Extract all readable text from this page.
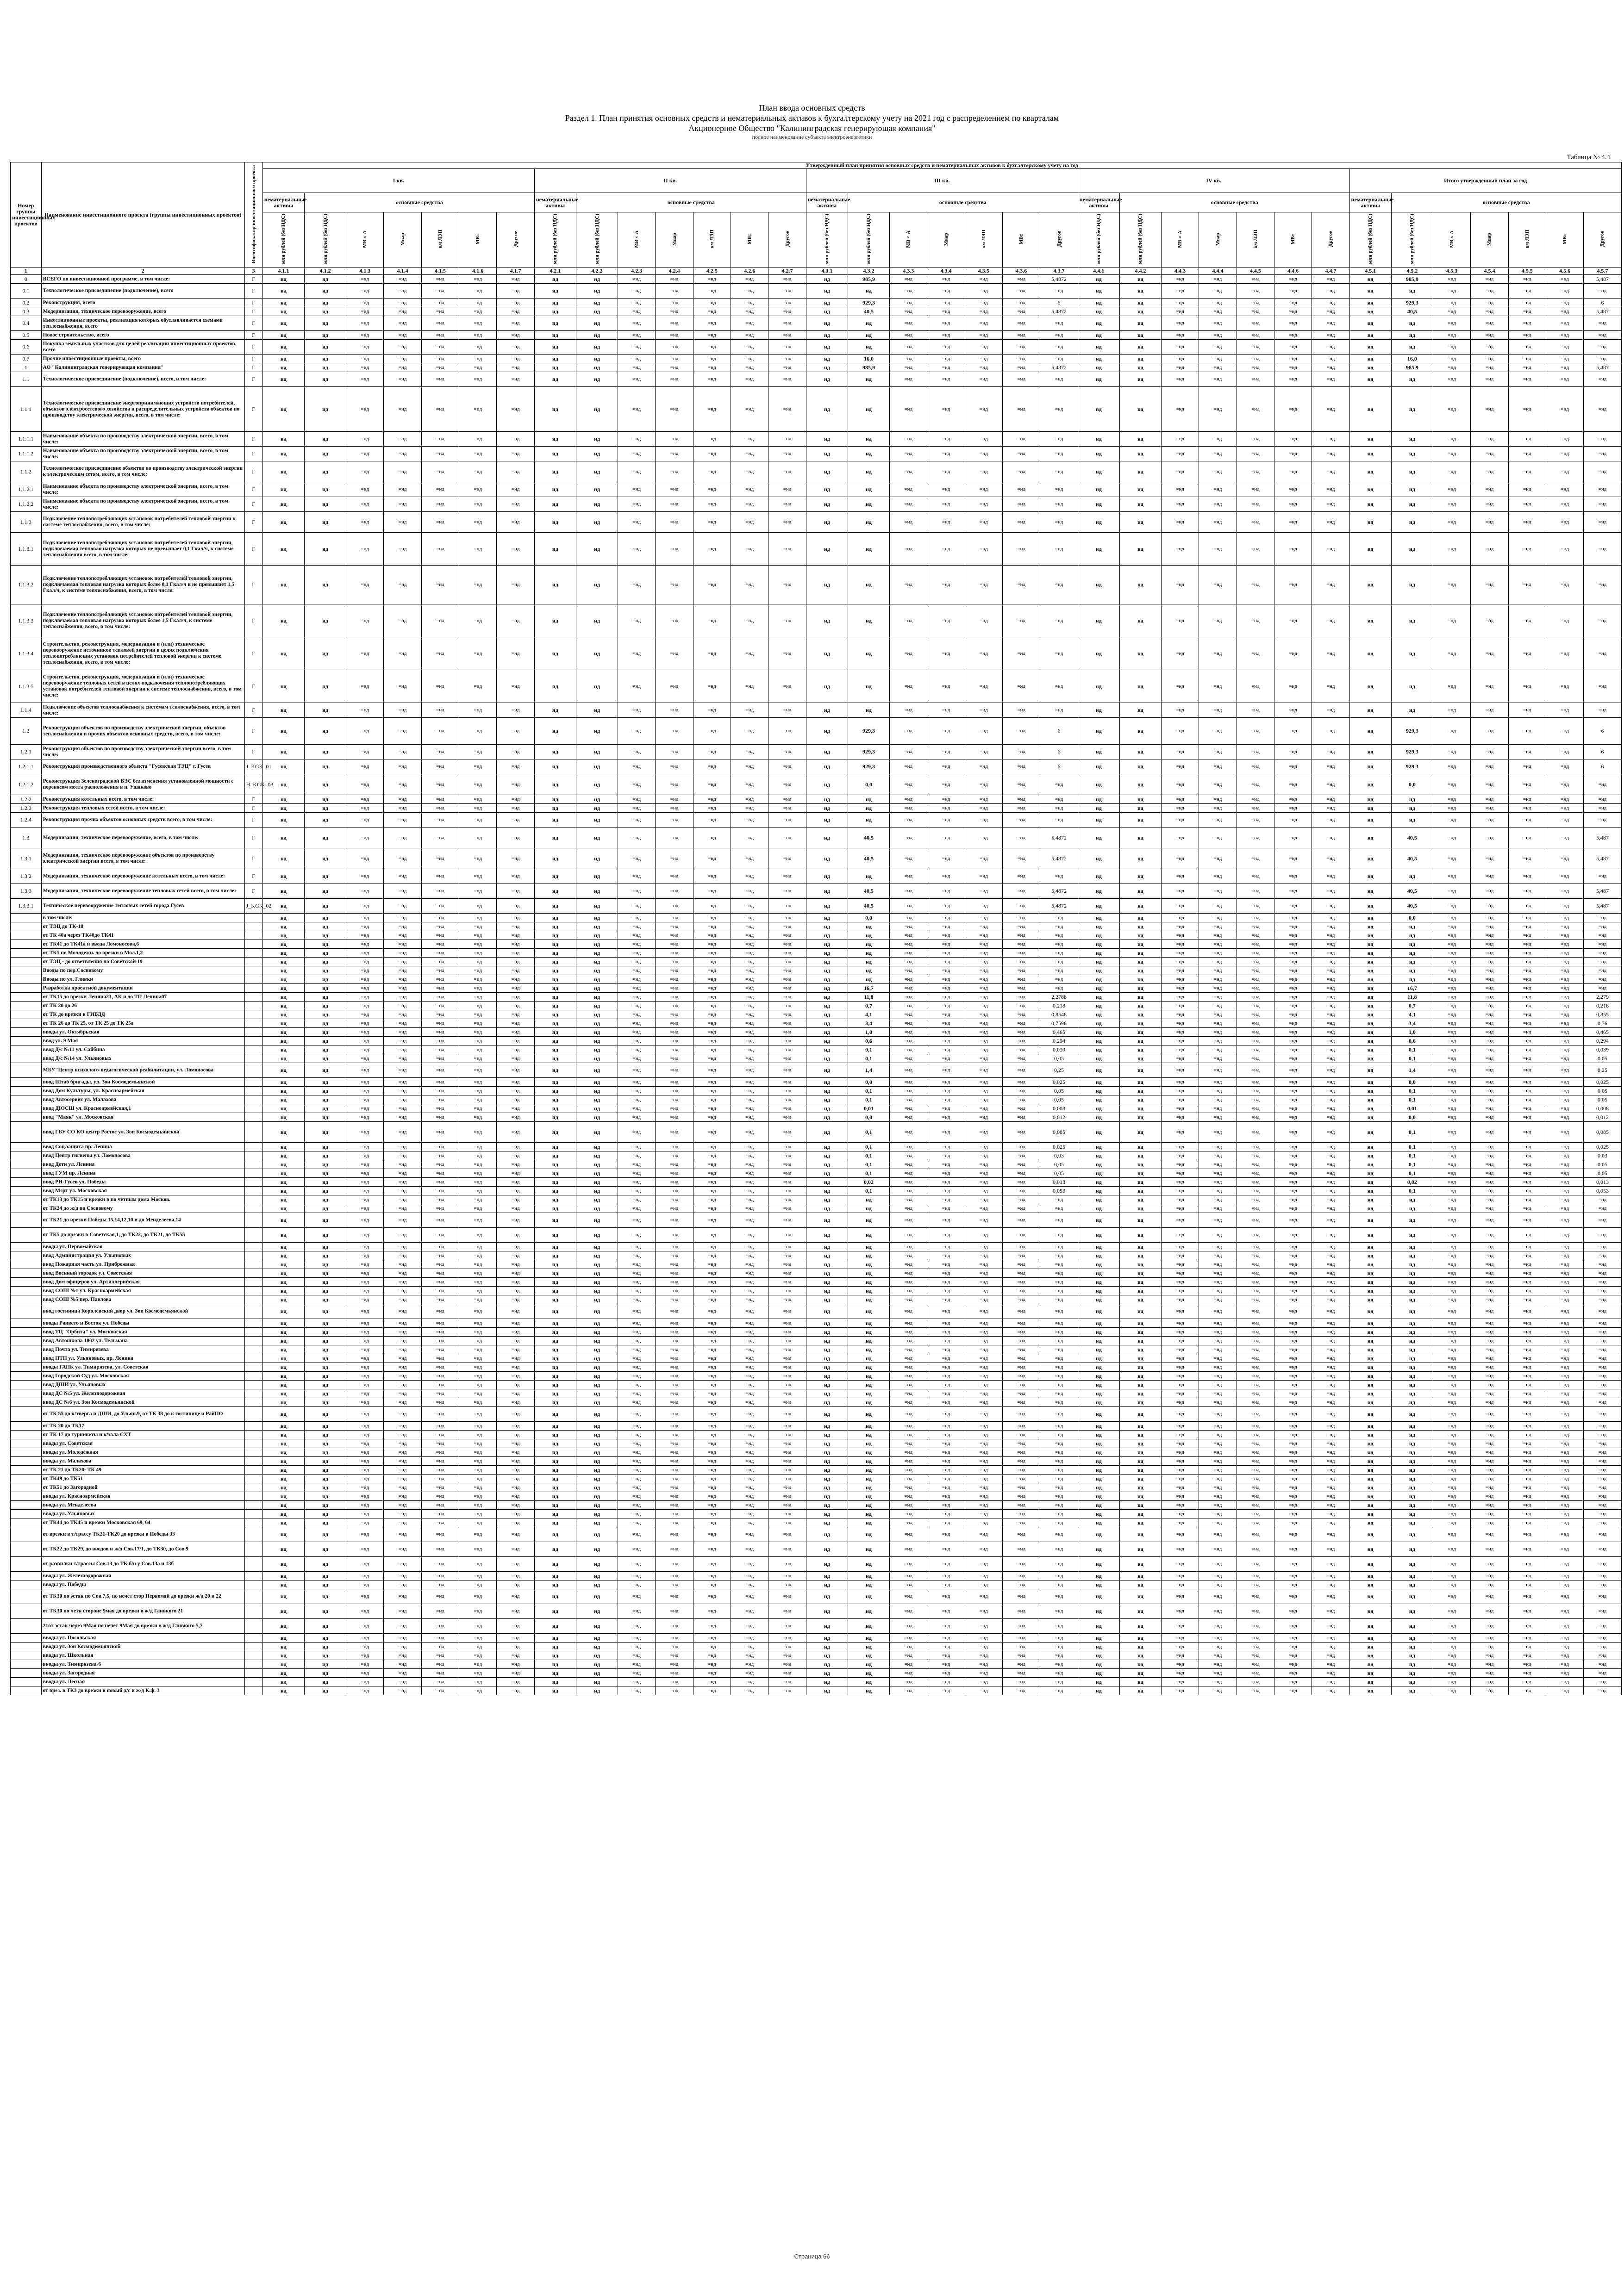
План ввода основных средств
Раздел 1. План принятия основных средств и нематериальных активов к бухгалтерскому учету на 2021 год с распределением по кварталам
Акционерное Общество "Калининградская генерирующая компания"
полное наименование субъекта электроэнергетики
Таблица № 4.4
Номер группы инвестиционных проектов	Наименование инвестиционного проекта (группы инвестиционных проектов)	Идентификатор инвестиционного проекта	Утвержденный план принятия основных средств и нематериальных активов к бухгалтерскому учету на год																																		
			I кв.							II кв.							III кв.							IV кв.							Итого утвержденный план за год						
			нематериальные активы	основные средства						нематериальные активы	основные средства						нематериальные активы	основные средства						нематериальные активы	основные средства						нематериальные активы	основные средства					
			млн рублей (без НДС)	млн рублей (без НДС)	МВ×А	Мвар	км ЛЭП	МВт	Другое	млн рублей (без НДС)	млн рублей (без НДС)	МВ×А	Мвар	км ЛЭП	МВт	Другое	млн рублей (без НДС)	млн рублей (без НДС)	МВ×А	Мвар	км ЛЭП	МВт	Другое	млн рублей (без НДС)	млн рублей (без НДС)	МВ×А	Мвар	км ЛЭП	МВт	Другое	млн рублей (без НДС)	млн рублей (без НДС)	МВ×А	Мвар	км ЛЭП	МВт	Другое
1	2	3	4.1.1	4.1.2	4.1.3	4.1.4	4.1.5	4.1.6	4.1.7	4.2.1	4.2.2	4.2.3	4.2.4	4.2.5	4.2.6	4.2.7	4.3.1	4.3.2	4.3.3	4.3.4	4.3.5	4.3.6	4.3.7	4.4.1	4.4.2	4.4.3	4.4.4	4.4.5	4.4.6	4.4.7	4.5.1	4.5.2	4.5.3	4.5.4	4.5.5	4.5.6	4.5.7
0	ВСЕГО по инвестиционной программе, в том числе:	Г	нд	нд	=нд	=нд	=нд	=нд	=нд	нд	нд	=нд	=нд	=нд	=нд	=нд	нд	985,9	=нд	=нд	=нд	=нд	5,4872	нд	нд	=нд	=нд	=нд	=нд	=нд	нд	985,9	=нд	=нд	=нд	=нд	5,487
0.1	Технологическое присоединение (подключение), всего	Г	нд	нд	=нд	=нд	=нд	=нд	=нд	нд	нд	=нд	=нд	=нд	=нд	=нд	нд	нд	=нд	=нд	=нд	=нд	=нд	нд	нд	=нд	=нд	=нд	=нд	=нд	нд	нд	=нд	=нд	=нд	=нд	=нд
0.2	Реконструкция, всего	Г	нд	нд	=нд	=нд	=нд	=нд	=нд	нд	нд	=нд	=нд	=нд	=нд	=нд	нд	929,3	=нд	=нд	=нд	=нд	6	нд	нд	=нд	=нд	=нд	=нд	=нд	нд	929,3	=нд	=нд	=нд	=нд	6
0.3	Модернизация, техническое перевооружение, всего	Г	нд	нд	=нд	=нд	=нд	=нд	=нд	нд	нд	=нд	=нд	=нд	=нд	=нд	нд	40,5	=нд	=нд	=нд	=нд	5,4872	нд	нд	=нд	=нд	=нд	=нд	=нд	нд	40,5	=нд	=нд	=нд	=нд	5,487
0.4	Инвестиционные проекты, реализация которых обуславливается схемами теплоснабжения, всего	Г	нд	нд	=нд	=нд	=нд	=нд	=нд	нд	нд	=нд	=нд	=нд	=нд	=нд	нд	нд	=нд	=нд	=нд	=нд	=нд	нд	нд	=нд	=нд	=нд	=нд	=нд	нд	нд	=нд	=нд	=нд	=нд	=нд
0.5	Новое строительство, всего	Г	нд	нд	=нд	=нд	=нд	=нд	=нд	нд	нд	=нд	=нд	=нд	=нд	=нд	нд	нд	=нд	=нд	=нд	=нд	=нд	нд	нд	=нд	=нд	=нд	=нд	=нд	нд	нд	=нд	=нд	=нд	=нд	=нд
0.6	Покупка земельных участков для целей реализации инвестиционных проектов, всего	Г	нд	нд	=нд	=нд	=нд	=нд	=нд	нд	нд	=нд	=нд	=нд	=нд	=нд	нд	нд	=нд	=нд	=нд	=нд	=нд	нд	нд	=нд	=нд	=нд	=нд	=нд	нд	нд	=нд	=нд	=нд	=нд	=нд
0.7	Прочие инвестиционные проекты, всего	Г	нд	нд	=нд	=нд	=нд	=нд	=нд	нд	нд	=нд	=нд	=нд	=нд	=нд	нд	16,0	=нд	=нд	=нд	=нд	=нд	нд	нд	=нд	=нд	=нд	=нд	=нд	нд	16,0	=нд	=нд	=нд	=нд	=нд
1	АО "Калининградская генерирующая компания"	Г	нд	нд	=нд	=нд	=нд	=нд	=нд	нд	нд	=нд	=нд	=нд	=нд	=нд	нд	985,9	=нд	=нд	=нд	=нд	5,4872	нд	нд	=нд	=нд	=нд	=нд	=нд	нд	985,9	=нд	=нд	=нд	=нд	5,487
1.1	Технологическое присоединение (подключение), всего, в том числе:	Г	нд	нд	=нд	=нд	=нд	=нд	=нд	нд	нд	=нд	=нд	=нд	=нд	=нд	нд	нд	=нд	=нд	=нд	=нд	=нд	нд	нд	=нд	=нд	=нд	=нд	=нд	нд	нд	=нд	=нд	=нд	=нд	=нд
1.1.1	Технологическое присоединение энергопринимающих устройств потребителей, объектов электросетевого хозяйства и распределительных устройств объектов по производству электрической энергии, всего, в том числе:	Г	нд	нд	=нд	=нд	=нд	=нд	=нд	нд	нд	=нд	=нд	=нд	=нд	=нд	нд	нд	=нд	=нд	=нд	=нд	=нд	нд	нд	=нд	=нд	=нд	=нд	=нд	нд	нд	=нд	=нд	=нд	=нд	=нд
1.1.1.1	Наименование объекта по производству электрической энергии, всего, в том числе:	Г	нд	нд	=нд	=нд	=нд	=нд	=нд	нд	нд	=нд	=нд	=нд	=нд	=нд	нд	нд	=нд	=нд	=нд	=нд	=нд	нд	нд	=нд	=нд	=нд	=нд	=нд	нд	нд	=нд	=нд	=нд	=нд	=нд
1.1.1.2	Наименование объекта по производству электрической энергии, всего, в том числе:	Г	нд	нд	=нд	=нд	=нд	=нд	=нд	нд	нд	=нд	=нд	=нд	=нд	=нд	нд	нд	=нд	=нд	=нд	=нд	=нд	нд	нд	=нд	=нд	=нд	=нд	=нд	нд	нд	=нд	=нд	=нд	=нд	=нд
1.1.2	Технологическое присоединение объектов по производству электрической энергии к электрическим сетям, всего, в том числе:	Г	нд	нд	=нд	=нд	=нд	=нд	=нд	нд	нд	=нд	=нд	=нд	=нд	=нд	нд	нд	=нд	=нд	=нд	=нд	=нд	нд	нд	=нд	=нд	=нд	=нд	=нд	нд	нд	=нд	=нд	=нд	=нд	=нд
1.1.2.1	Наименование объекта по производству электрической энергии, всего, в том числе:	Г	нд	нд	=нд	=нд	=нд	=нд	=нд	нд	нд	=нд	=нд	=нд	=нд	=нд	нд	нд	=нд	=нд	=нд	=нд	=нд	нд	нд	=нд	=нд	=нд	=нд	=нд	нд	нд	=нд	=нд	=нд	=нд	=нд
1.1.2.2	Наименование объекта по производству электрической энергии, всего, в том числе:	Г	нд	нд	=нд	=нд	=нд	=нд	=нд	нд	нд	=нд	=нд	=нд	=нд	=нд	нд	нд	=нд	=нд	=нд	=нд	=нд	нд	нд	=нд	=нд	=нд	=нд	=нд	нд	нд	=нд	=нд	=нд	=нд	=нд
1.1.3	Подключение теплопотребляющих установок потребителей тепловой энергии к системе теплоснабжения, всего, в том числе:	Г	нд	нд	=нд	=нд	=нд	=нд	=нд	нд	нд	=нд	=нд	=нд	=нд	=нд	нд	нд	=нд	=нд	=нд	=нд	=нд	нд	нд	=нд	=нд	=нд	=нд	=нд	нд	нд	=нд	=нд	=нд	=нд	=нд
1.1.3.1	Подключение теплопотребляющих установок потребителей тепловой энергии, подключаемая тепловая нагрузка которых не превышает 0,1 Гкал/ч, к системе теплоснабжения всего, в том числе:	Г	нд	нд	=нд	=нд	=нд	=нд	=нд	нд	нд	=нд	=нд	=нд	=нд	=нд	нд	нд	=нд	=нд	=нд	=нд	=нд	нд	нд	=нд	=нд	=нд	=нд	=нд	нд	нд	=нд	=нд	=нд	=нд	=нд
1.1.3.2	Подключение теплопотребляющих установок потребителей тепловой энергии, подключаемая тепловая нагрузка которых более 0,1 Гкал/ч и не превышает 1,5 Гкал/ч, к системе теплоснабжения, всего, в том числе:	Г	нд	нд	=нд	=нд	=нд	=нд	=нд	нд	нд	=нд	=нд	=нд	=нд	=нд	нд	нд	=нд	=нд	=нд	=нд	=нд	нд	нд	=нд	=нд	=нд	=нд	=нд	нд	нд	=нд	=нд	=нд	=нд	=нд
1.1.3.3	Подключение теплопотребляющих установок потребителей тепловой энергии, подключаемая тепловая нагрузка которых более 1,5 Гкал/ч, к системе теплоснабжения, всего, в том числе:	Г	нд	нд	=нд	=нд	=нд	=нд	=нд	нд	нд	=нд	=нд	=нд	=нд	=нд	нд	нд	=нд	=нд	=нд	=нд	=нд	нд	нд	=нд	=нд	=нд	=нд	=нд	нд	нд	=нд	=нд	=нд	=нд	=нд
1.1.3.4	Строительство, реконструкция, модернизация и (или) техническое перевооружение источников тепловой энергии в целях подключения теплопотребляющих установок потребителей тепловой энергии к системе теплоснабжения, всего, в том числе:	Г	нд	нд	=нд	=нд	=нд	=нд	=нд	нд	нд	=нд	=нд	=нд	=нд	=нд	нд	нд	=нд	=нд	=нд	=нд	=нд	нд	нд	=нд	=нд	=нд	=нд	=нд	нд	нд	=нд	=нд	=нд	=нд	=нд
1.1.3.5	Строительство, реконструкция, модернизация и (или) техническое перевооружение тепловых сетей в целях подключения теплопотребляющих установок потребителей тепловой энергии к системе теплоснабжения, всего, в том числе:	Г	нд	нд	=нд	=нд	=нд	=нд	=нд	нд	нд	=нд	=нд	=нд	=нд	=нд	нд	нд	=нд	=нд	=нд	=нд	=нд	нд	нд	=нд	=нд	=нд	=нд	=нд	нд	нд	=нд	=нд	=нд	=нд	=нд
1.1.4	Подключение объектов теплоснабжения к системам теплоснабжения, всего, в том числе:	Г	нд	нд	=нд	=нд	=нд	=нд	=нд	нд	нд	=нд	=нд	=нд	=нд	=нд	нд	нд	=нд	=нд	=нд	=нд	=нд	нд	нд	=нд	=нд	=нд	=нд	=нд	нд	нд	=нд	=нд	=нд	=нд	=нд
1.2	Реконструкция объектов по производству электрической энергии, объектов теплоснабжения и прочих объектов основных средств, всего, в том числе:	Г	нд	нд	=нд	=нд	=нд	=нд	=нд	нд	нд	=нд	=нд	=нд	=нд	=нд	нд	929,3	=нд	=нд	=нд	=нд	6	нд	нд	=нд	=нд	=нд	=нд	=нд	нд	929,3	=нд	=нд	=нд	=нд	6
1.2.1	Реконструкция объектов по производству электрической энергии всего, в том числе:	Г	нд	нд	=нд	=нд	=нд	=нд	=нд	нд	нд	=нд	=нд	=нд	=нд	=нд	нд	929,3	=нд	=нд	=нд	=нд	6	нд	нд	=нд	=нд	=нд	=нд	=нд	нд	929,3	=нд	=нд	=нд	=нд	6
1.2.1.1	Реконструкция производственного объекта "Гусевская ТЭЦ" г. Гусев	J_KGK_01	нд	нд	=нд	=нд	=нд	=нд	=нд	нд	нд	=нд	=нд	=нд	=нд	=нд	нд	929,3	=нд	=нд	=нд	=нд	6	нд	нд	=нд	=нд	=нд	=нд	=нд	нд	929,3	=нд	=нд	=нд	=нд	6
1.2.1.2	Реконструкция Зеленоградской ВЭС без изменения установленной мощности с переносом места расположения в п. Ушаково	H_KGK_03	нд	нд	=нд	=нд	=нд	=нд	=нд	нд	нд	=нд	=нд	=нд	=нд	=нд	нд	0,0	=нд	=нд	=нд	=нд	=нд	нд	нд	=нд	=нд	=нд	=нд	=нд	нд	0,0	=нд	=нд	=нд	=нд	=нд
1.2.2	Реконструкция котельных всего, в том числе:	Г	нд	нд	=нд	=нд	=нд	=нд	=нд	нд	нд	=нд	=нд	=нд	=нд	=нд	нд	нд	=нд	=нд	=нд	=нд	=нд	нд	нд	=нд	=нд	=нд	=нд	=нд	нд	нд	=нд	=нд	=нд	=нд	=нд
1.2.3	Реконструкция тепловых сетей всего, в том числе:	Г	нд	нд	=нд	=нд	=нд	=нд	=нд	нд	нд	=нд	=нд	=нд	=нд	=нд	нд	нд	=нд	=нд	=нд	=нд	=нд	нд	нд	=нд	=нд	=нд	=нд	=нд	нд	нд	=нд	=нд	=нд	=нд	=нд
1.2.4	Реконструкция прочих объектов основных средств всего, в том числе:	Г	нд	нд	=нд	=нд	=нд	=нд	=нд	нд	нд	=нд	=нд	=нд	=нд	=нд	нд	нд	=нд	=нд	=нд	=нд	=нд	нд	нд	=нд	=нд	=нд	=нд	=нд	нд	нд	=нд	=нд	=нд	=нд	=нд
1.3	Модернизация, техническое перевооружение, всего, в том числе:	Г	нд	нд	=нд	=нд	=нд	=нд	=нд	нд	нд	=нд	=нд	=нд	=нд	=нд	нд	40,5	=нд	=нд	=нд	=нд	5,4872	нд	нд	=нд	=нд	=нд	=нд	=нд	нд	40,5	=нд	=нд	=нд	=нд	5,487
1.3.1	Модернизация, техническое перевооружение объектов по производству электрической энергии всего, в том числе:	Г	нд	нд	=нд	=нд	=нд	=нд	=нд	нд	нд	=нд	=нд	=нд	=нд	=нд	нд	40,5	=нд	=нд	=нд	=нд	5,4872	нд	нд	=нд	=нд	=нд	=нд	=нд	нд	40,5	=нд	=нд	=нд	=нд	5,487
1.3.2	Модернизация, техническое перевооружение котельных всего, в том числе:	Г	нд	нд	=нд	=нд	=нд	=нд	=нд	нд	нд	=нд	=нд	=нд	=нд	=нд	нд	нд	=нд	=нд	=нд	=нд	=нд	нд	нд	=нд	=нд	=нд	=нд	=нд	нд	нд	=нд	=нд	=нд	=нд	=нд
1.3.3	Модернизация, техническое перевооружение тепловых сетей всего, в том числе:	Г	нд	нд	=нд	=нд	=нд	=нд	=нд	нд	нд	=нд	=нд	=нд	=нд	=нд	нд	40,5	=нд	=нд	=нд	=нд	5,4872	нд	нд	=нд	=нд	=нд	=нд	=нд	нд	40,5	=нд	=нд	=нд	=нд	5,487
1.3.3.1	Техническое перевооружение тепловых сетей города Гусев	J_KGK_02	нд	нд	=нд	=нд	=нд	=нд	=нд	нд	нд	=нд	=нд	=нд	=нд	=нд	нд	40,5	=нд	=нд	=нд	=нд	5,4872	нд	нд	=нд	=нд	=нд	=нд	=нд	нд	40,5	=нд	=нд	=нд	=нд	5,487
	в том числе:		нд	нд	=нд	=нд	=нд	=нд	=нд	нд	нд	=нд	=нд	=нд	=нд	=нд	нд	0,0	=нд	=нд	=нд	=нд	=нд	нд	нд	=нд	=нд	=нд	=нд	=нд	нд	0,0	=нд	=нд	=нд	=нд	=нд
	от ТЭЦ до ТК-18		нд	нд	=нд	=нд	=нд	=нд	=нд	нд	нд	=нд	=нд	=нд	=нд	=нд	нд	нд	=нд	=нд	=нд	=нд	=нд	нд	нд	=нд	=нд	=нд	=нд	=нд	нд	нд	=нд	=нд	=нд	=нд	=нд
	от ТК 40а через ТК40до ТК41		нд	нд	=нд	=нд	=нд	=нд	=нд	нд	нд	=нд	=нд	=нд	=нд	=нд	нд	нд	=нд	=нд	=нд	=нд	=нд	нд	нд	=нд	=нд	=нд	=нд	=нд	нд	нд	=нд	=нд	=нд	=нд	=нд
	от ТК41 до ТК41а и ввода Ломоносова,6		нд	нд	=нд	=нд	=нд	=нд	=нд	нд	нд	=нд	=нд	=нд	=нд	=нд	нд	нд	=нд	=нд	=нд	=нд	=нд	нд	нд	=нд	=нд	=нд	=нд	=нд	нд	нд	=нд	=нд	=нд	=нд	=нд
	от ТК5 по Молодежн. до врезки в Мол.1,2		нд	нд	=нд	=нд	=нд	=нд	=нд	нд	нд	=нд	=нд	=нд	=нд	=нд	нд	нд	=нд	=нд	=нд	=нд	=нд	нд	нд	=нд	=нд	=нд	=нд	=нд	нд	нд	=нд	=нд	=нд	=нд	=нд
	от ТЭЦ - до ответвления по Советской 19		нд	нд	=нд	=нд	=нд	=нд	=нд	нд	нд	=нд	=нд	=нд	=нд	=нд	нд	нд	=нд	=нд	=нд	=нд	=нд	нд	нд	=нд	=нд	=нд	=нд	=нд	нд	нд	=нд	=нд	=нд	=нд	=нд
	Вводы по пер.Сосновому		нд	нд	=нд	=нд	=нд	=нд	=нд	нд	нд	=нд	=нд	=нд	=нд	=нд	нд	нд	=нд	=нд	=нд	=нд	=нд	нд	нд	=нд	=нд	=нд	=нд	=нд	нд	нд	=нд	=нд	=нд	=нд	=нд
	Вводы по ул. Гливки		нд	нд	=нд	=нд	=нд	=нд	=нд	нд	нд	=нд	=нд	=нд	=нд	=нд	нд	нд	=нд	=нд	=нд	=нд	=нд	нд	нд	=нд	=нд	=нд	=нд	=нд	нд	нд	=нд	=нд	=нд	=нд	=нд
	Разработка проектной документации		нд	нд	=нд	=нд	=нд	=нд	=нд	нд	нд	=нд	=нд	=нд	=нд	=нд	нд	16,7	=нд	=нд	=нд	=нд	=нд	нд	нд	=нд	=нд	=нд	=нд	=нд	нд	16,7	=нд	=нд	=нд	=нд	=нд
	от ТК15 до врезки Ленина23, АК и до ТП Ленина07		нд	нд	=нд	=нд	=нд	=нд	=нд	нд	нд	=нд	=нд	=нд	=нд	=нд	нд	11,8	=нд	=нд	=нд	=нд	2,2788	нд	нд	=нд	=нд	=нд	=нд	=нд	нд	11,8	=нд	=нд	=нд	=нд	2,279
	от ТК 20 до 26		нд	нд	=нд	=нд	=нд	=нд	=нд	нд	нд	=нд	=нд	=нд	=нд	=нд	нд	0,7	=нд	=нд	=нд	=нд	0,218	нд	нд	=нд	=нд	=нд	=нд	=нд	нд	0,7	=нд	=нд	=нд	=нд	0,218
	от ТК до врезки в ГИБДД		нд	нд	=нд	=нд	=нд	=нд	=нд	нд	нд	=нд	=нд	=нд	=нд	=нд	нд	4,1	=нд	=нд	=нд	=нд	0,8548	нд	нд	=нд	=нд	=нд	=нд	=нд	нд	4,1	=нд	=нд	=нд	=нд	0,855
	от ТК 26 до ТК 25, от ТК 25 до ТК 25а		нд	нд	=нд	=нд	=нд	=нд	=нд	нд	нд	=нд	=нд	=нд	=нд	=нд	нд	3,4	=нд	=нд	=нд	=нд	0,7596	нд	нд	=нд	=нд	=нд	=нд	=нд	нд	3,4	=нд	=нд	=нд	=нд	0,76
	вводы ул. Октябрьская		нд	нд	=нд	=нд	=нд	=нд	=нд	нд	нд	=нд	=нд	=нд	=нд	=нд	нд	1,0	=нд	=нд	=нд	=нд	0,465	нд	нд	=нд	=нд	=нд	=нд	=нд	нд	1,0	=нд	=нд	=нд	=нд	0,465
	ввод ул. 9 Мая		нд	нд	=нд	=нд	=нд	=нд	=нд	нд	нд	=нд	=нд	=нд	=нд	=нд	нд	0,6	=нд	=нд	=нд	=нд	0,294	нд	нд	=нд	=нд	=нд	=нд	=нд	нд	0,6	=нд	=нд	=нд	=нд	0,294
	ввод Д/с №11 ул. Сайбина		нд	нд	=нд	=нд	=нд	=нд	=нд	нд	нд	=нд	=нд	=нд	=нд	=нд	нд	0,1	=нд	=нд	=нд	=нд	0,039	нд	нд	=нд	=нд	=нд	=нд	=нд	нд	0,1	=нд	=нд	=нд	=нд	0,039
	ввод Д/с №14 ул. Ульяновых		нд	нд	=нд	=нд	=нд	=нд	=нд	нд	нд	=нд	=нд	=нд	=нд	=нд	нд	0,1	=нд	=нд	=нд	=нд	0,05	нд	нд	=нд	=нд	=нд	=нд	=нд	нд	0,1	=нд	=нд	=нд	=нд	0,05
	МБУ"Центр психолого-педагогической реабилитации, ул. Ломоносова		нд	нд	=нд	=нд	=нд	=нд	=нд	нд	нд	=нд	=нд	=нд	=нд	=нд	нд	1,4	=нд	=нд	=нд	=нд	0,25	нд	нд	=нд	=нд	=нд	=нд	=нд	нд	1,4	=нд	=нд	=нд	=нд	0,25
	ввод Штаб бригады, ул. Зои Космодемьянской		нд	нд	=нд	=нд	=нд	=нд	=нд	нд	нд	=нд	=нд	=нд	=нд	=нд	нд	0,0	=нд	=нд	=нд	=нд	0,025	нд	нд	=нд	=нд	=нд	=нд	=нд	нд	0,0	=нд	=нд	=нд	=нд	0,025
	ввод Дом Культуры, ул. Красноармейская		нд	нд	=нд	=нд	=нд	=нд	=нд	нд	нд	=нд	=нд	=нд	=нд	=нд	нд	0,1	=нд	=нд	=нд	=нд	0,05	нд	нд	=нд	=нд	=нд	=нд	=нд	нд	0,1	=нд	=нд	=нд	=нд	0,05
	ввод Автосервис ул. Малахова		нд	нд	=нд	=нд	=нд	=нд	=нд	нд	нд	=нд	=нд	=нд	=нд	=нд	нд	0,1	=нд	=нд	=нд	=нд	0,05	нд	нд	=нд	=нд	=нд	=нд	=нд	нд	0,1	=нд	=нд	=нд	=нд	0,05
	ввод ДЮСШ ул. Красноармейская,1		нд	нд	=нд	=нд	=нд	=нд	=нд	нд	нд	=нд	=нд	=нд	=нд	=нд	нд	0,01	=нд	=нд	=нд	=нд	0,008	нд	нд	=нд	=нд	=нд	=нд	=нд	нд	0,01	=нд	=нд	=нд	=нд	0,008
	ввод "Маяк" ул. Московская		нд	нд	=нд	=нд	=нд	=нд	=нд	нд	нд	=нд	=нд	=нд	=нд	=нд	нд	0,0	=нд	=нд	=нд	=нд	0,012	нд	нд	=нд	=нд	=нд	=нд	=нд	нд	0,0	=нд	=нд	=нд	=нд	0,012
	ввод ГБУ СО КО центр Ростос ул. Зои Космодемьянской		нд	нд	=нд	=нд	=нд	=нд	=нд	нд	нд	=нд	=нд	=нд	=нд	=нд	нд	0,1	=нд	=нд	=нд	=нд	0,085	нд	нд	=нд	=нд	=нд	=нд	=нд	нд	0,1	=нд	=нд	=нд	=нд	0,085
	ввод Соц.защита пр. Ленина		нд	нд	=нд	=нд	=нд	=нд	=нд	нд	нд	=нд	=нд	=нд	=нд	=нд	нд	0,1	=нд	=нд	=нд	=нд	0,025	нд	нд	=нд	=нд	=нд	=нд	=нд	нд	0,1	=нд	=нд	=нд	=нд	0,025
	ввод Центр гигиены ул. Ломоносова		нд	нд	=нд	=нд	=нд	=нд	=нд	нд	нд	=нд	=нд	=нд	=нд	=нд	нд	0,1	=нд	=нд	=нд	=нд	0,03	нд	нд	=нд	=нд	=нд	=нд	=нд	нд	0,1	=нд	=нд	=нд	=нд	0,03
	ввод Дети ул. Ленина		нд	нд	=нд	=нд	=нд	=нд	=нд	нд	нд	=нд	=нд	=нд	=нд	=нд	нд	0,1	=нд	=нд	=нд	=нд	0,05	нд	нд	=нд	=нд	=нд	=нд	=нд	нд	0,1	=нд	=нд	=нд	=нд	0,05
	ввод ГУМ пр. Ленина		нд	нд	=нд	=нд	=нд	=нд	=нд	нд	нд	=нд	=нд	=нд	=нд	=нд	нд	0,1	=нд	=нд	=нд	=нд	0,05	нд	нд	=нд	=нд	=нд	=нд	=нд	нд	0,1	=нд	=нд	=нд	=нд	0,05
	ввод РИ-Гусев ул. Победы		нд	нд	=нд	=нд	=нд	=нд	=нд	нд	нд	=нд	=нд	=нд	=нд	=нд	нд	0,02	=нд	=нд	=нд	=нд	0,013	нд	нд	=нд	=нд	=нд	=нд	=нд	нд	0,02	=нд	=нд	=нд	=нд	0,013
	ввод Мэрт ул. Московская		нд	нд	=нд	=нд	=нд	=нд	=нд	нд	нд	=нд	=нд	=нд	=нд	=нд	нд	0,1	=нд	=нд	=нд	=нд	0,053	нд	нд	=нд	=нд	=нд	=нд	=нд	нд	0,1	=нд	=нд	=нд	=нд	0,053
	от ТК13 до ТК15 и врезки в по четным дома Москов.		нд	нд	=нд	=нд	=нд	=нд	=нд	нд	нд	=нд	=нд	=нд	=нд	=нд	нд	нд	=нд	=нд	=нд	=нд	=нд	нд	нд	=нд	=нд	=нд	=нд	=нд	нд	нд	=нд	=нд	=нд	=нд	=нд
	от ТК24 до ж/д по Сосновому		нд	нд	=нд	=нд	=нд	=нд	=нд	нд	нд	=нд	=нд	=нд	=нд	=нд	нд	нд	=нд	=нд	=нд	=нд	=нд	нд	нд	=нд	=нд	=нд	=нд	=нд	нд	нд	=нд	=нд	=нд	=нд	=нд
	от ТК21 до врезки Победы 15,14,12,10 и до Менделеева,14		нд	нд	=нд	=нд	=нд	=нд	=нд	нд	нд	=нд	=нд	=нд	=нд	=нд	нд	нд	=нд	=нд	=нд	=нд	=нд	нд	нд	=нд	=нд	=нд	=нд	=нд	нд	нд	=нд	=нд	=нд	=нд	=нд
	от ТК5 до врезки в Советская,1, до ТК22, до ТК21, до ТК55		нд	нд	=нд	=нд	=нд	=нд	=нд	нд	нд	=нд	=нд	=нд	=нд	=нд	нд	нд	=нд	=нд	=нд	=нд	=нд	нд	нд	=нд	=нд	=нд	=нд	=нд	нд	нд	=нд	=нд	=нд	=нд	=нд
	вводы ул. Первомайская		нд	нд	=нд	=нд	=нд	=нд	=нд	нд	нд	=нд	=нд	=нд	=нд	=нд	нд	нд	=нд	=нд	=нд	=нд	=нд	нд	нд	=нд	=нд	=нд	=нд	=нд	нд	нд	=нд	=нд	=нд	=нд	=нд
	ввод Администрация ул. Ульяновых		нд	нд	=нд	=нд	=нд	=нд	=нд	нд	нд	=нд	=нд	=нд	=нд	=нд	нд	нд	=нд	=нд	=нд	=нд	=нд	нд	нд	=нд	=нд	=нд	=нд	=нд	нд	нд	=нд	=нд	=нд	=нд	=нд
	ввод Пожарная часть ул. Прибрежная		нд	нд	=нд	=нд	=нд	=нд	=нд	нд	нд	=нд	=нд	=нд	=нд	=нд	нд	нд	=нд	=нд	=нд	=нд	=нд	нд	нд	=нд	=нд	=нд	=нд	=нд	нд	нд	=нд	=нд	=нд	=нд	=нд
	ввод Военный городок ул. Советская		нд	нд	=нд	=нд	=нд	=нд	=нд	нд	нд	=нд	=нд	=нд	=нд	=нд	нд	нд	=нд	=нд	=нд	=нд	=нд	нд	нд	=нд	=нд	=нд	=нд	=нд	нд	нд	=нд	=нд	=нд	=нд	=нд
	ввод Дом офицеров ул. Артиллерийская		нд	нд	=нд	=нд	=нд	=нд	=нд	нд	нд	=нд	=нд	=нд	=нд	=нд	нд	нд	=нд	=нд	=нд	=нд	=нд	нд	нд	=нд	=нд	=нд	=нд	=нд	нд	нд	=нд	=нд	=нд	=нд	=нд
	ввод СОШ №1 ул. Красноармейская		нд	нд	=нд	=нд	=нд	=нд	=нд	нд	нд	=нд	=нд	=нд	=нд	=нд	нд	нд	=нд	=нд	=нд	=нд	=нд	нд	нд	=нд	=нд	=нд	=нд	=нд	нд	нд	=нд	=нд	=нд	=нд	=нд
	ввод СОШ №5 пер. Павлова		нд	нд	=нд	=нд	=нд	=нд	=нд	нд	нд	=нд	=нд	=нд	=нд	=нд	нд	нд	=нд	=нд	=нд	=нд	=нд	нд	нд	=нд	=нд	=нд	=нд	=нд	нд	нд	=нд	=нд	=нд	=нд	=нд
	ввод гостиница Королевский двор ул. Зои Космодемьянской		нд	нд	=нд	=нд	=нд	=нд	=нд	нд	нд	=нд	=нд	=нд	=нд	=нд	нд	нд	=нд	=нд	=нд	=нд	=нд	нд	нд	=нд	=нд	=нд	=нд	=нд	нд	нд	=нд	=нд	=нд	=нд	=нд
	вводы Раивето и Восток ул. Победы		нд	нд	=нд	=нд	=нд	=нд	=нд	нд	нд	=нд	=нд	=нд	=нд	=нд	нд	нд	=нд	=нд	=нд	=нд	=нд	нд	нд	=нд	=нд	=нд	=нд	=нд	нд	нд	=нд	=нд	=нд	=нд	=нд
	ввод ТЦ "Орбита" ул. Московская		нд	нд	=нд	=нд	=нд	=нд	=нд	нд	нд	=нд	=нд	=нд	=нд	=нд	нд	нд	=нд	=нд	=нд	=нд	=нд	нд	нд	=нд	=нд	=нд	=нд	=нд	нд	нд	=нд	=нд	=нд	=нд	=нд
	ввод Автошкола 1802 ул. Тельмана		нд	нд	=нд	=нд	=нд	=нд	=нд	нд	нд	=нд	=нд	=нд	=нд	=нд	нд	нд	=нд	=нд	=нд	=нд	=нд	нд	нд	=нд	=нд	=нд	=нд	=нд	нд	нд	=нд	=нд	=нд	=нд	=нд
	ввод Почта ул. Тимирязева		нд	нд	=нд	=нд	=нд	=нд	=нд	нд	нд	=нд	=нд	=нд	=нд	=нд	нд	нд	=нд	=нд	=нд	=нд	=нд	нд	нд	=нд	=нд	=нд	=нд	=нд	нд	нд	=нд	=нд	=нд	=нд	=нд
	ввод ПТП ул. Ульяновых, пр. Ленина		нд	нд	=нд	=нд	=нд	=нд	=нд	нд	нд	=нд	=нд	=нд	=нд	=нд	нд	нд	=нд	=нд	=нд	=нд	=нд	нд	нд	=нд	=нд	=нд	=нд	=нд	нд	нд	=нд	=нд	=нд	=нд	=нд
	вводы ГАПК ул. Тимирязева, ул. Советская		нд	нд	=нд	=нд	=нд	=нд	=нд	нд	нд	=нд	=нд	=нд	=нд	=нд	нд	нд	=нд	=нд	=нд	=нд	=нд	нд	нд	=нд	=нд	=нд	=нд	=нд	нд	нд	=нд	=нд	=нд	=нд	=нд
	ввод Городской Суд ул. Московская		нд	нд	=нд	=нд	=нд	=нд	=нд	нд	нд	=нд	=нд	=нд	=нд	=нд	нд	нд	=нд	=нд	=нд	=нд	=нд	нд	нд	=нд	=нд	=нд	=нд	=нд	нд	нд	=нд	=нд	=нд	=нд	=нд
	ввод ДШИ ул. Ульяновых		нд	нд	=нд	=нд	=нд	=нд	=нд	нд	нд	=нд	=нд	=нд	=нд	=нд	нд	нд	=нд	=нд	=нд	=нд	=нд	нд	нд	=нд	=нд	=нд	=нд	=нд	нд	нд	=нд	=нд	=нд	=нд	=нд
	ввод ДС №5 ул. Железнодорожная		нд	нд	=нд	=нд	=нд	=нд	=нд	нд	нд	=нд	=нд	=нд	=нд	=нд	нд	нд	=нд	=нд	=нд	=нд	=нд	нд	нд	=нд	=нд	=нд	=нд	=нд	нд	нд	=нд	=нд	=нд	=нд	=нд
	ввод ДС №6 ул. Зои Космодемьянской		нд	нд	=нд	=нд	=нд	=нд	=нд	нд	нд	=нд	=нд	=нд	=нд	=нд	нд	нд	=нд	=нд	=нд	=нд	=нд	нд	нд	=нд	=нд	=нд	=нд	=нд	нд	нд	=нд	=нд	=нд	=нд	=нд
	от ТК 55 до к/тверга и ДШИ, до Ульян.9, от ТК 38 до к гостинице и РайПО		нд	нд	=нд	=нд	=нд	=нд	=нд	нд	нд	=нд	=нд	=нд	=нд	=нд	нд	нд	=нд	=нд	=нд	=нд	=нд	нд	нд	=нд	=нд	=нд	=нд	=нд	нд	нд	=нд	=нд	=нд	=нд	=нд
	от ТК 20 до ТК17		нд	нд	=нд	=нд	=нд	=нд	=нд	нд	нд	=нд	=нд	=нд	=нд	=нд	нд	нд	=нд	=нд	=нд	=нд	=нд	нд	нд	=нд	=нд	=нд	=нд	=нд	нд	нд	=нд	=нд	=нд	=нд	=нд
	от ТК 17 до турникеты и к/зала СХТ		нд	нд	=нд	=нд	=нд	=нд	=нд	нд	нд	=нд	=нд	=нд	=нд	=нд	нд	нд	=нд	=нд	=нд	=нд	=нд	нд	нд	=нд	=нд	=нд	=нд	=нд	нд	нд	=нд	=нд	=нд	=нд	=нд
	вводы ул. Советская		нд	нд	=нд	=нд	=нд	=нд	=нд	нд	нд	=нд	=нд	=нд	=нд	=нд	нд	нд	=нд	=нд	=нд	=нд	=нд	нд	нд	=нд	=нд	=нд	=нд	=нд	нд	нд	=нд	=нд	=нд	=нд	=нд
	вводы ул. Молодёжная		нд	нд	=нд	=нд	=нд	=нд	=нд	нд	нд	=нд	=нд	=нд	=нд	=нд	нд	нд	=нд	=нд	=нд	=нд	=нд	нд	нд	=нд	=нд	=нд	=нд	=нд	нд	нд	=нд	=нд	=нд	=нд	=нд
	вводы ул. Малахова		нд	нд	=нд	=нд	=нд	=нд	=нд	нд	нд	=нд	=нд	=нд	=нд	=нд	нд	нд	=нд	=нд	=нд	=нд	=нд	нд	нд	=нд	=нд	=нд	=нд	=нд	нд	нд	=нд	=нд	=нд	=нд	=нд
	от ТК 21 до ТК20- ТК 49		нд	нд	=нд	=нд	=нд	=нд	=нд	нд	нд	=нд	=нд	=нд	=нд	=нд	нд	нд	=нд	=нд	=нд	=нд	=нд	нд	нд	=нд	=нд	=нд	=нд	=нд	нд	нд	=нд	=нд	=нд	=нд	=нд
	от ТК49 до ТК51		нд	нд	=нд	=нд	=нд	=нд	=нд	нд	нд	=нд	=нд	=нд	=нд	=нд	нд	нд	=нд	=нд	=нд	=нд	=нд	нд	нд	=нд	=нд	=нд	=нд	=нд	нд	нд	=нд	=нд	=нд	=нд	=нд
	от ТК51 до Загородной		нд	нд	=нд	=нд	=нд	=нд	=нд	нд	нд	=нд	=нд	=нд	=нд	=нд	нд	нд	=нд	=нд	=нд	=нд	=нд	нд	нд	=нд	=нд	=нд	=нд	=нд	нд	нд	=нд	=нд	=нд	=нд	=нд
	вводы ул. Красноармейская		нд	нд	=нд	=нд	=нд	=нд	=нд	нд	нд	=нд	=нд	=нд	=нд	=нд	нд	нд	=нд	=нд	=нд	=нд	=нд	нд	нд	=нд	=нд	=нд	=нд	=нд	нд	нд	=нд	=нд	=нд	=нд	=нд
	вводы ул. Менделеева		нд	нд	=нд	=нд	=нд	=нд	=нд	нд	нд	=нд	=нд	=нд	=нд	=нд	нд	нд	=нд	=нд	=нд	=нд	=нд	нд	нд	=нд	=нд	=нд	=нд	=нд	нд	нд	=нд	=нд	=нд	=нд	=нд
	вводы ул. Ульяновых		нд	нд	=нд	=нд	=нд	=нд	=нд	нд	нд	=нд	=нд	=нд	=нд	=нд	нд	нд	=нд	=нд	=нд	=нд	=нд	нд	нд	=нд	=нд	=нд	=нд	=нд	нд	нд	=нд	=нд	=нд	=нд	=нд
	от ТК44 до ТК45 и врезки Московская 69, 64		нд	нд	=нд	=нд	=нд	=нд	=нд	нд	нд	=нд	=нд	=нд	=нд	=нд	нд	нд	=нд	=нд	=нд	=нд	=нд	нд	нд	=нд	=нд	=нд	=нд	=нд	нд	нд	=нд	=нд	=нд	=нд	=нд
	от врезки в т/трассу ТК21-ТК20 до врезки в Победы 33		нд	нд	=нд	=нд	=нд	=нд	=нд	нд	нд	=нд	=нд	=нд	=нд	=нд	нд	нд	=нд	=нд	=нд	=нд	=нд	нд	нд	=нд	=нд	=нд	=нд	=нд	нд	нд	=нд	=нд	=нд	=нд	=нд
	от ТК22 до ТК29, до вводов и ж/д Сов.17/1, до ТК30, до Сов.9		нд	нд	=нд	=нд	=нд	=нд	=нд	нд	нд	=нд	=нд	=нд	=нд	=нд	нд	нд	=нд	=нд	=нд	=нд	=нд	нд	нд	=нд	=нд	=нд	=нд	=нд	нд	нд	=нд	=нд	=нд	=нд	=нд
	от развилки т/трассы Сов.13 до ТК б/н у Сов.13а и 13б		нд	нд	=нд	=нд	=нд	=нд	=нд	нд	нд	=нд	=нд	=нд	=нд	=нд	нд	нд	=нд	=нд	=нд	=нд	=нд	нд	нд	=нд	=нд	=нд	=нд	=нд	нд	нд	=нд	=нд	=нд	=нд	=нд
	вводы ул. Железнодорожная		нд	нд	=нд	=нд	=нд	=нд	=нд	нд	нд	=нд	=нд	=нд	=нд	=нд	нд	нд	=нд	=нд	=нд	=нд	=нд	нд	нд	=нд	=нд	=нд	=нд	=нд	нд	нд	=нд	=нд	=нд	=нд	=нд
	вводы ул. Победы		нд	нд	=нд	=нд	=нд	=нд	=нд	нд	нд	=нд	=нд	=нд	=нд	=нд	нд	нд	=нд	=нд	=нд	=нд	=нд	нд	нд	=нд	=нд	=нд	=нд	=нд	нд	нд	=нд	=нд	=нд	=нд	=нд
	от ТК30 по эстак по Сов.7,5, по нечет стор Первомай до врезки ж/д 20 и 22		нд	нд	=нд	=нд	=нд	=нд	=нд	нд	нд	=нд	=нд	=нд	=нд	=нд	нд	нд	=нд	=нд	=нд	=нд	=нд	нд	нд	=нд	=нд	=нд	=нд	=нд	нд	нд	=нд	=нд	=нд	=нд	=нд
	от ТК30 по четн стороне 9мая до врезки в ж/д Гливкого 21		нд	нд	=нд	=нд	=нд	=нд	=нд	нд	нд	=нд	=нд	=нд	=нд	=нд	нд	нд	=нд	=нд	=нд	=нд	=нд	нд	нд	=нд	=нд	=нд	=нд	=нд	нд	нд	=нд	=нд	=нд	=нд	=нд
	21от эстак через 9Мая по нечет 9Мая до врезки в ж/д Гливкого 5,7		нд	нд	=нд	=нд	=нд	=нд	=нд	нд	нд	=нд	=нд	=нд	=нд	=нд	нд	нд	=нд	=нд	=нд	=нд	=нд	нд	нд	=нд	=нд	=нд	=нд	=нд	нд	нд	=нд	=нд	=нд	=нд	=нд
	вводы ул. Посольская		нд	нд	=нд	=нд	=нд	=нд	=нд	нд	нд	=нд	=нд	=нд	=нд	=нд	нд	нд	=нд	=нд	=нд	=нд	=нд	нд	нд	=нд	=нд	=нд	=нд	=нд	нд	нд	=нд	=нд	=нд	=нд	=нд
	вводы ул. Зои Космодемьянской		нд	нд	=нд	=нд	=нд	=нд	=нд	нд	нд	=нд	=нд	=нд	=нд	=нд	нд	нд	=нд	=нд	=нд	=нд	=нд	нд	нд	=нд	=нд	=нд	=нд	=нд	нд	нд	=нд	=нд	=нд	=нд	=нд
	вводы ул. Школьная		нд	нд	=нд	=нд	=нд	=нд	=нд	нд	нд	=нд	=нд	=нд	=нд	=нд	нд	нд	=нд	=нд	=нд	=нд	=нд	нд	нд	=нд	=нд	=нд	=нд	=нд	нд	нд	=нд	=нд	=нд	=нд	=нд
	вводы ул. Тимирязева-6		нд	нд	=нд	=нд	=нд	=нд	=нд	нд	нд	=нд	=нд	=нд	=нд	=нд	нд	нд	=нд	=нд	=нд	=нд	=нд	нд	нд	=нд	=нд	=нд	=нд	=нд	нд	нд	=нд	=нд	=нд	=нд	=нд
	вводы ул. Загородная		нд	нд	=нд	=нд	=нд	=нд	=нд	нд	нд	=нд	=нд	=нд	=нд	=нд	нд	нд	=нд	=нд	=нд	=нд	=нд	нд	нд	=нд	=нд	=нд	=нд	=нд	нд	нд	=нд	=нд	=нд	=нд	=нд
	вводы ул. Лесная		нд	нд	=нд	=нд	=нд	=нд	=нд	нд	нд	=нд	=нд	=нд	=нд	=нд	нд	нд	=нд	=нд	=нд	=нд	=нд	нд	нд	=нд	=нд	=нд	=нд	=нд	нд	нд	=нд	=нд	=нд	=нд	=нд
	от врез. в ТК3 до врезки в новый д/с и ж/д К.ф. 3		нд	нд	=нд	=нд	=нд	=нд	=нд	нд	нд	=нд	=нд	=нд	=нд	=нд	нд	нд	=нд	=нд	=нд	=нд	=нд	нд	нд	=нд	=нд	=нд	=нд	=нд	нд	нд	=нд	=нд	=нд	=нд	=нд
Страница 66
